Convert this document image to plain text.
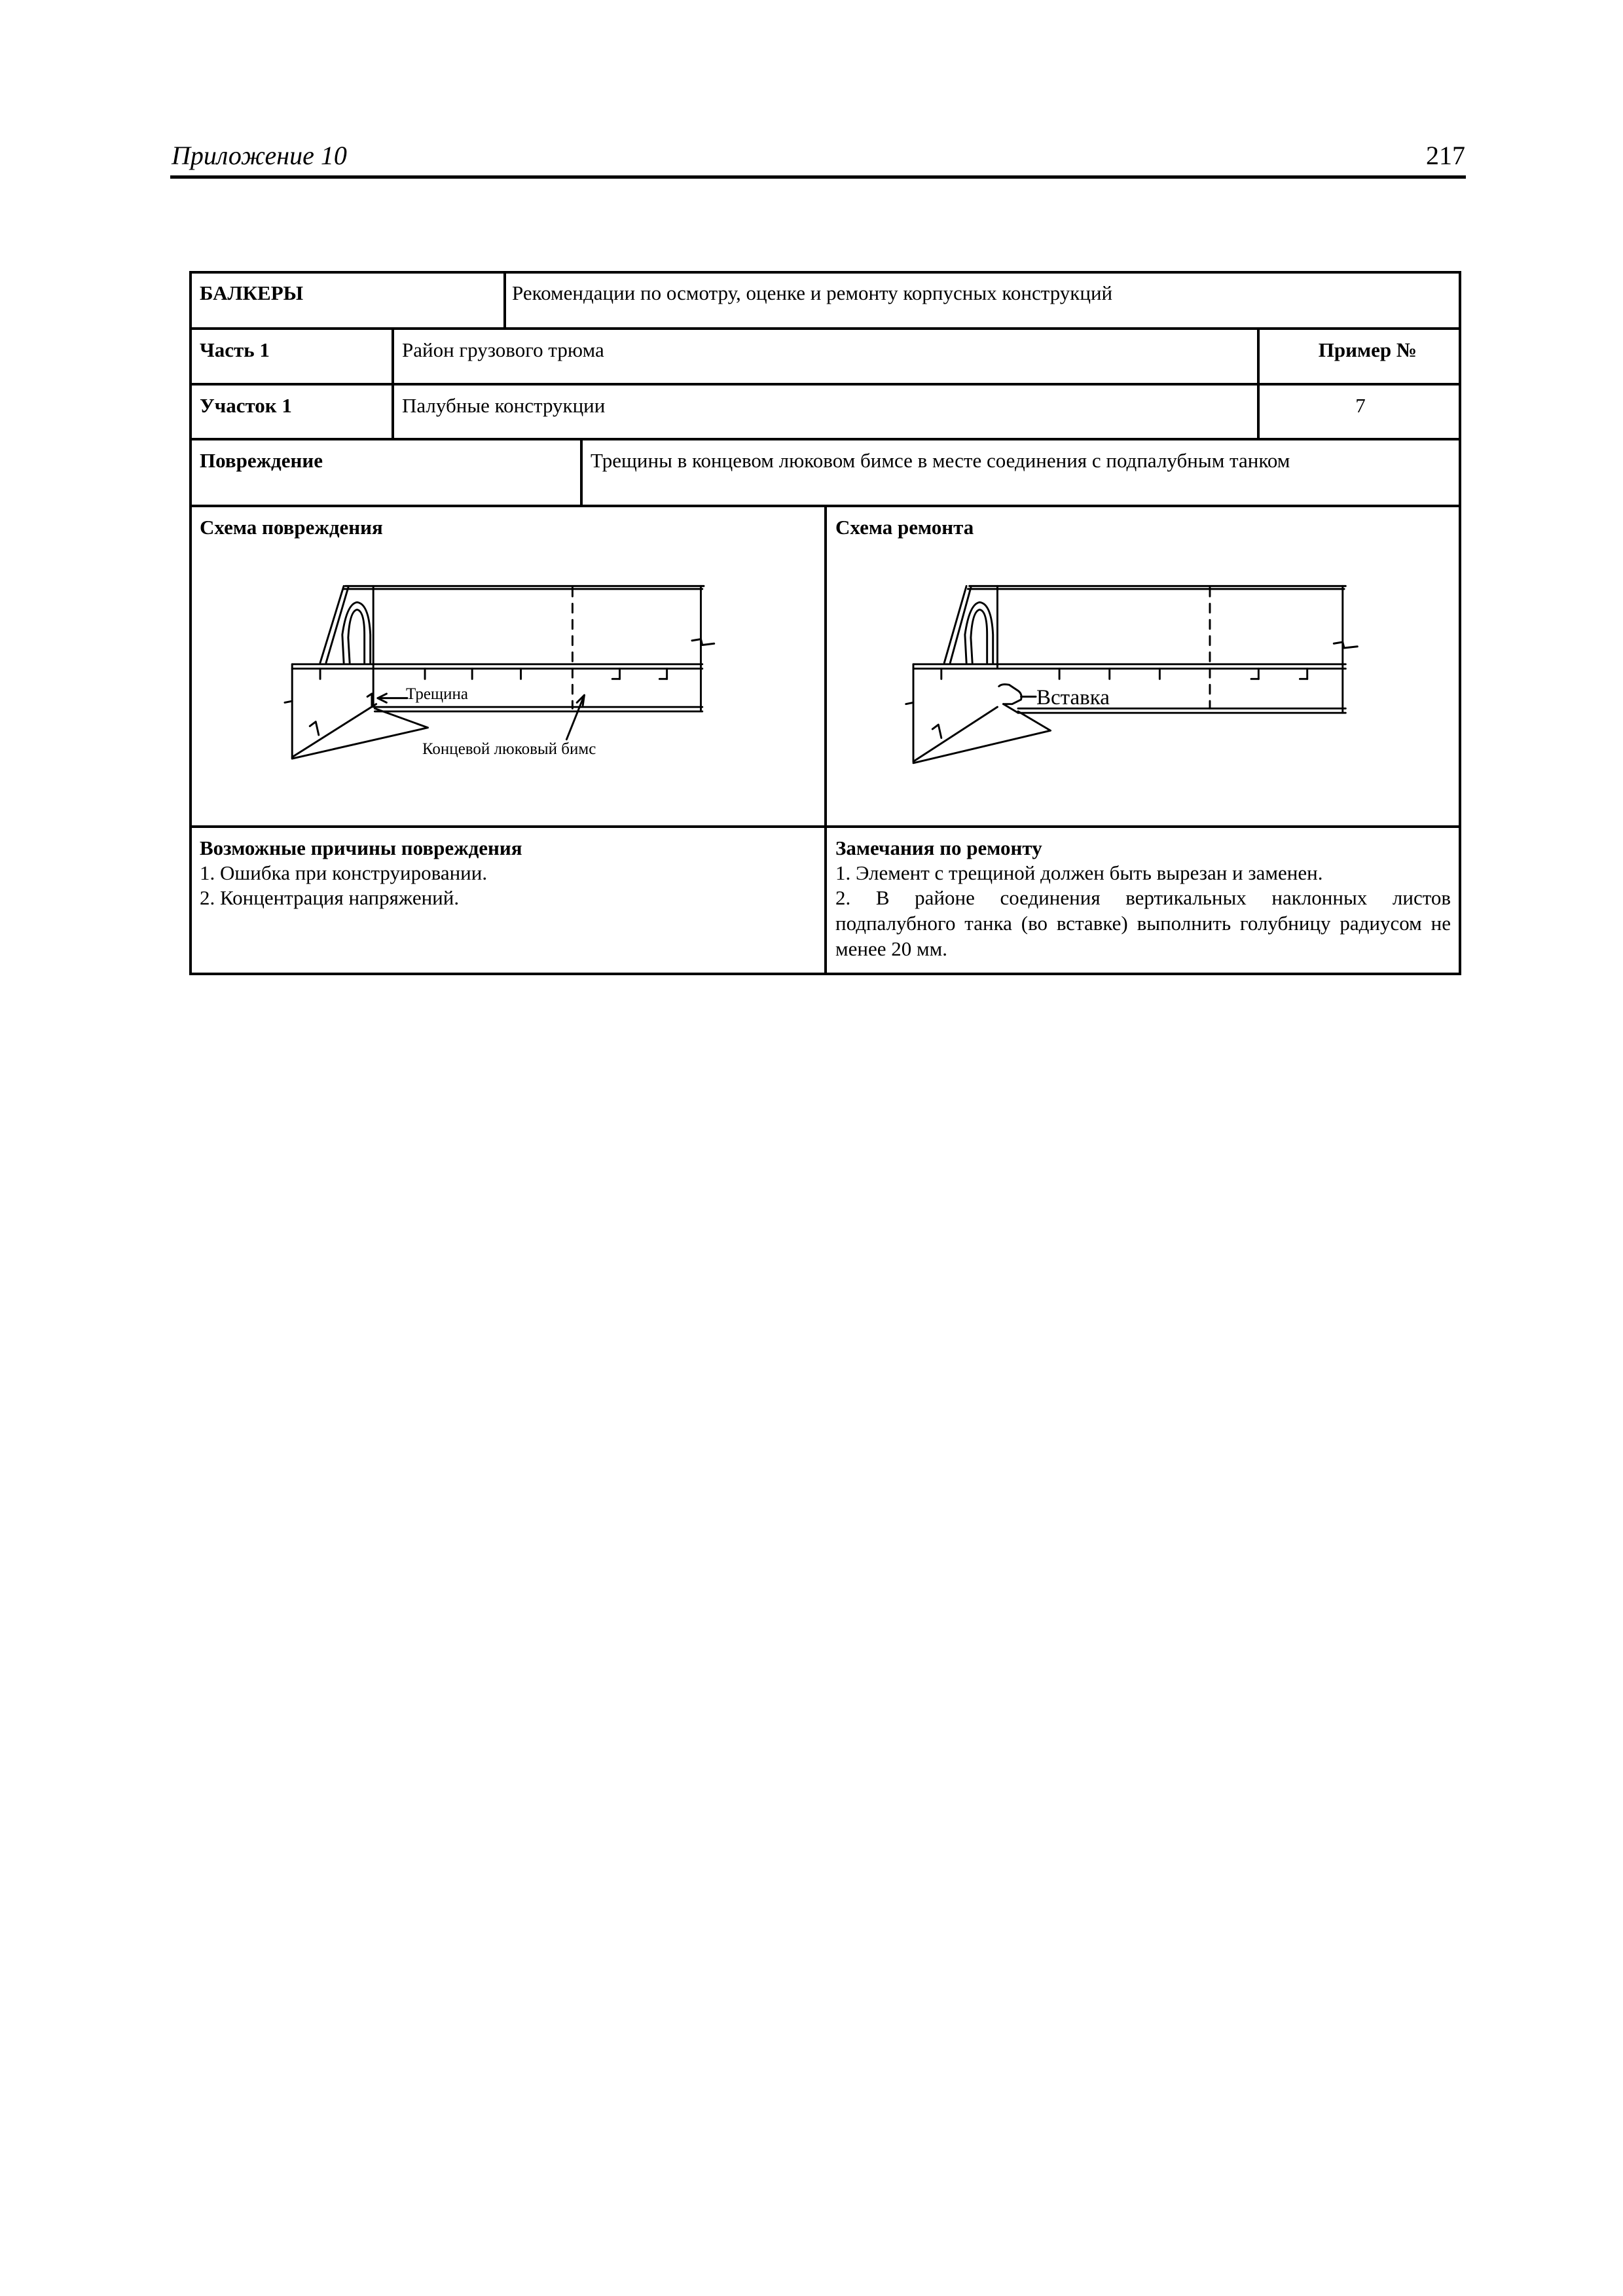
Приложение 10	217
БАЛКЕРЫ	Рекомендации по осмотру, оценке и ремонту корпусных конструкций
Часть 1	Район грузового трюма	Пример №
Участок 1	Палубные конструкции	7
Повреждение	Трещины в концевом люковом бимсе в месте соединения с подпалубным танком
Схема повреждения	Схема ремонта
Трещина
Концевой люковый бимс
Вставка
Возможные причины повреждения
1. Ошибка при конструировании.
2. Концентрация напряжений.
Замечания по ремонту
1. Элемент с трещиной должен быть вырезан и заменен.
2. В районе соединения вертикальных наклонных листов подпалубного танка (во вставке) выполнить голубницу радиусом не менее 20 мм.
